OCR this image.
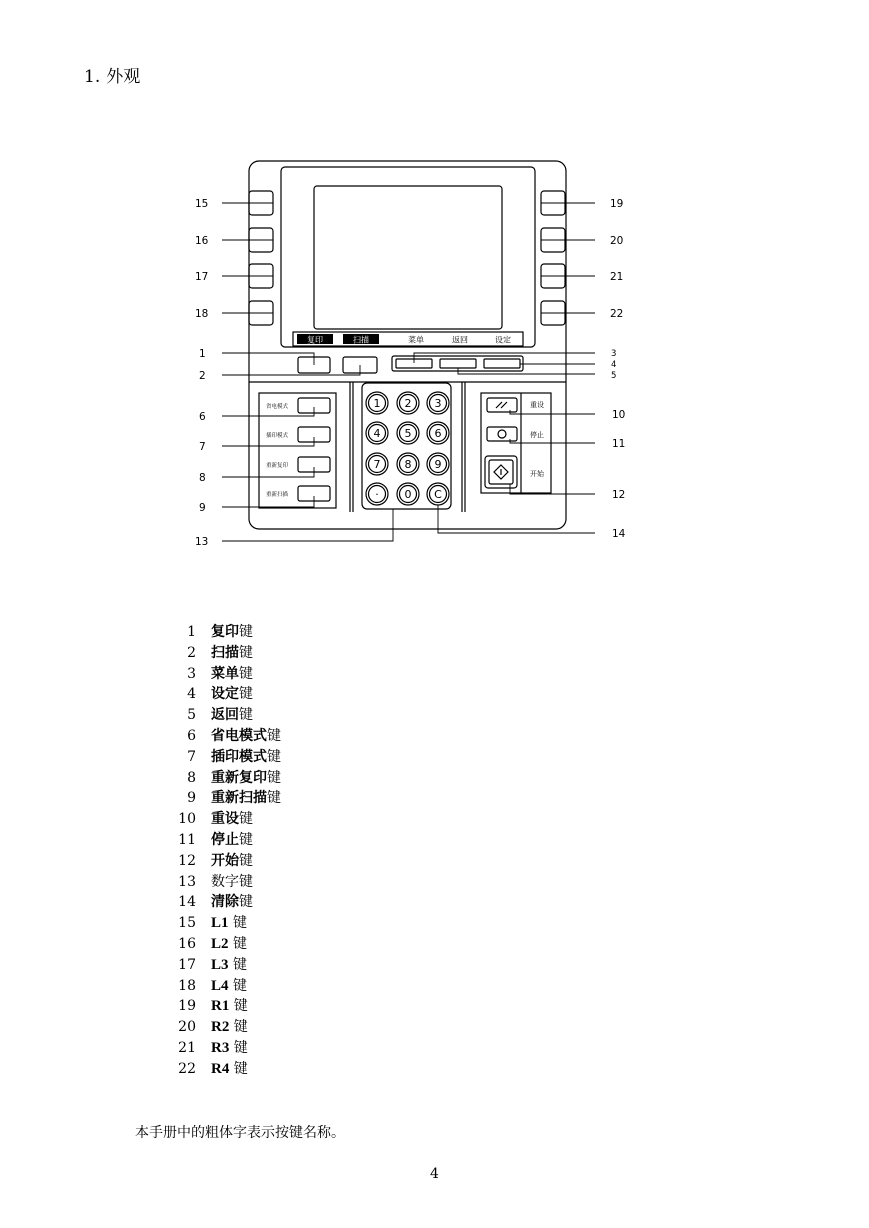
1. 外观
复印	扫描	菜单	返回	设定
省电模式
插印模式
重新复印
重新扫描
重设
停止
开始
1 2 3
4 5 6
7 8 9
· 0 C
15
16
17
18
1
2
6
7
8
9
13
19
20
21
22
10
11
12
14
3
4
5
1 复印键
2 扫描键
3 菜单键
4 设定键
5 返回键
6 省电模式键
7 插印模式键
8 重新复印键
9 重新扫描键
10 重设键
11 停止键
12 开始键
13 数字键
14 清除键
15 L1 键
16 L2 键
17 L3 键
18 L4 键
19 R1 键
20 R2 键
21 R3 键
22 R4 键
本手册中的粗体字表示按键名称。
4
